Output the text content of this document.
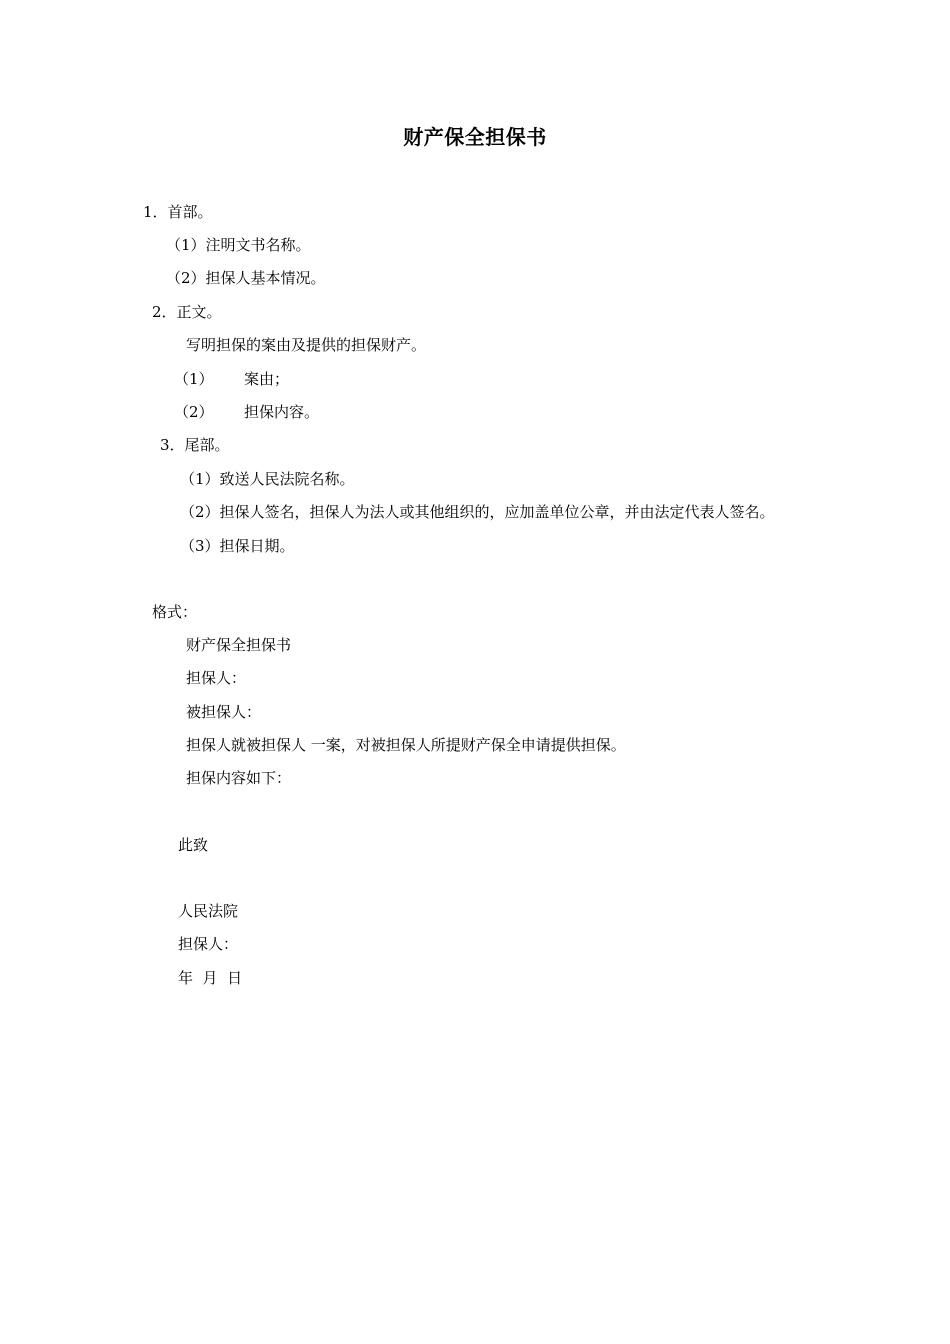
财产保全担保书
1．首部。
（1）注明文书名称。
（2）担保人基本情况。
2．正文。
写明担保的案由及提供的担保财产。
（1） 案由；
（2） 担保内容。
3．尾部。
（1）致送人民法院名称。
（2）担保人签名，担保人为法人或其他组织的，应加盖单位公章，并由法定代表人签名。
（3）担保日期。
格式：
财产保全担保书
担保人：
被担保人：
担保人就被担保人 一案，对被担保人所提财产保全申请提供担保。
担保内容如下：
此致
人民法院
担保人：
年  月  日
